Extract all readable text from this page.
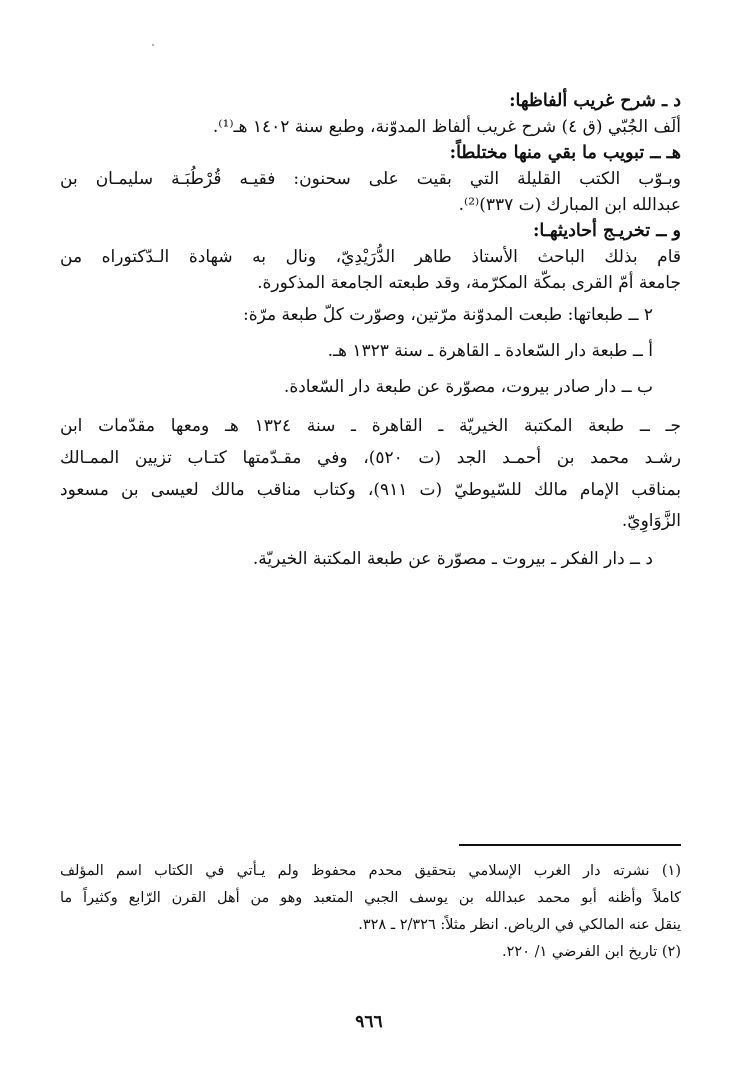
د ـ شرح غريب ألفاظها:

ألَف الجُبّي (ق ٤) شرح غريب ألفاظ المدوّنة، وطبع سنة ١٤٠٢ هـ⁽¹⁾.

هـ ــ تبويب ما بقي منها مختلطاً:

وبـوّب الكتب القليلة التي بقيت على سحنون: فقيـه قُرْطُبَـة سليمـان بن

عبدالله ابن المبارك (ت ٣٣٧)⁽²⁾.

و ــ تخريـج أحاديثهـا:

قام بذلك الباحث الأستاذ طاهر الدُّرَيْدِيّ، ونال به شهادة الـدّكتوراه من

جامعة أمّ القرى بمكّة المكرّمة، وقد طبعته الجامعة المذكورة.

٢ ــ طبعاتها: طبعت المدوّنة مرّتين، وصوّرت كلّ طبعة مرّة:

أ ــ طبعة دار السّعادة ـ القاهرة ـ سنة ١٣٢٣ هـ.

ب ــ دار صادر بيروت، مصوّرة عن طبعة دار السّعادة.

جـ ــ طبعة المكتبة الخيريّة ـ القاهرة ـ سنة ١٣٢٤ هـ ومعها مقدّمات ابن

رشـد محمد بن أحمـد الجد (ت ٥٢٠)، وفي مقـدّمتها كتـاب تزيين الممـالك

بمناقب الإمام مالك للسّيوطيّ (ت ٩١١)، وكتاب مناقب مالك لعيسى بن مسعود

الزَّوَاوِيّ.

د ــ دار الفكر ـ بيروت ـ مصوّرة عن طبعة المكتبة الخيريّة.

(١) نشرته دار الغرب الإسلامي بتحقيق محدم محفوظ ولم يـأتي في الكتاب اسم المؤلف

كاملاً وأظنه أبو محمد عبدالله بن يوسف الجبي المتعبد وهو من أهل القرن الرّابع وكثيراً ما

ينقل عنه المالكي في الرياض. انظر مثلاً: ٢/٣٢٦ ـ ٣٢٨.

(٢) تاريخ ابن الفرضي ١/ ٢٢٠.

٩٦٦
